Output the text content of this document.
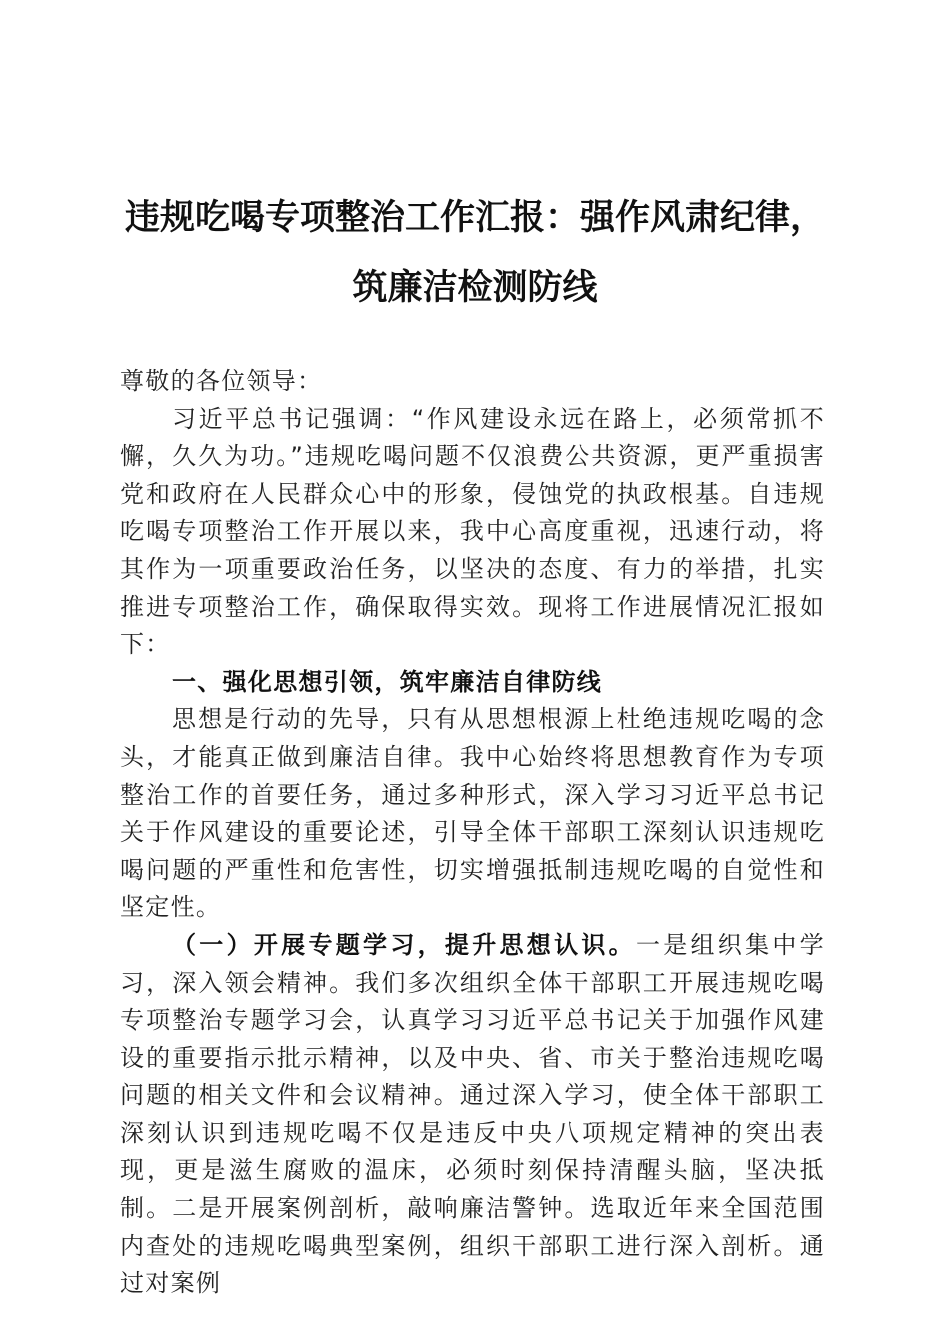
违规吃喝专项整治工作汇报：强作风肃纪律，
筑廉洁检测防线

尊敬的各位领导：

习近平总书记强调：“作风建设永远在路上，必须常抓不懈，久久为功。”违规吃喝问题不仅浪费公共资源，更严重损害党和政府在人民群众心中的形象，侵蚀党的执政根基。自违规吃喝专项整治工作开展以来，我中心高度重视，迅速行动，将其作为一项重要政治任务，以坚决的态度、有力的举措，扎实推进专项整治工作，确保取得实效。现将工作进展情况汇报如下：

一、强化思想引领，筑牢廉洁自律防线

思想是行动的先导，只有从思想根源上杜绝违规吃喝的念头，才能真正做到廉洁自律。我中心始终将思想教育作为专项整治工作的首要任务，通过多种形式，深入学习习近平总书记关于作风建设的重要论述，引导全体干部职工深刻认识违规吃喝问题的严重性和危害性，切实增强抵制违规吃喝的自觉性和坚定性。

（一）开展专题学习，提升思想认识。一是组织集中学习，深入领会精神。我们多次组织全体干部职工开展违规吃喝专项整治专题学习会，认真学习习近平总书记关于加强作风建设的重要指示批示精神，以及中央、省、市关于整治违规吃喝问题的相关文件和会议精神。通过深入学习，使全体干部职工深刻认识到违规吃喝不仅是违反中央八项规定精神的突出表现，更是滋生腐败的温床，必须时刻保持清醒头脑，坚决抵制。二是开展案例剖析，敲响廉洁警钟。选取近年来全国范围内查处的违规吃喝典型案例，组织干部职工进行深入剖析。通过对案例
